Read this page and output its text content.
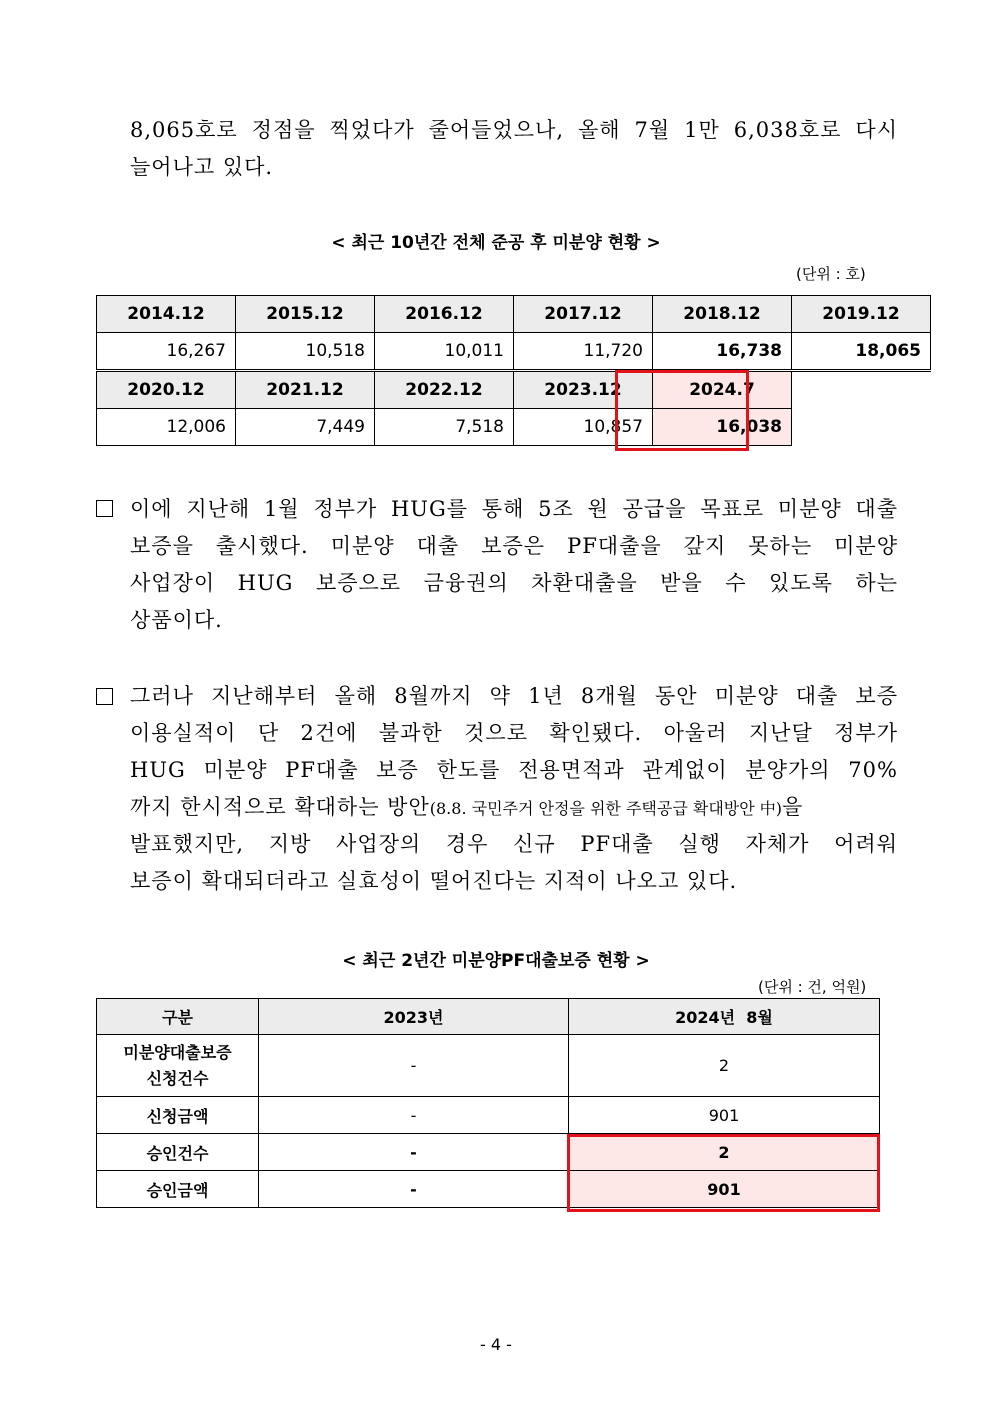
8,065호로 정점을 찍었다가 줄어들었으나, 올해 7월 1만 6,038호로 다시
늘어나고 있다.
< 최근 10년간 전체 준공 후 미분양 현황 >
(단위 : 호)
2014.12	2015.12	2016.12	2017.12	2018.12	2019.12
16,267	10,518	10,011	11,720	16,738	18,065
2020.12	2021.12	2022.12	2023.12	2024.7	
12,006	7,449	7,518	10,857	16,038	
이에 지난해 1월 정부가 HUG를 통해 5조 원 공급을 목표로 미분양 대출
보증을 출시했다. 미분양 대출 보증은 PF대출을 갚지 못하는 미분양
사업장이 HUG 보증으로 금융권의 차환대출을 받을 수 있도록 하는
상품이다.
그러나 지난해부터 올해 8월까지 약 1년 8개월 동안 미분양 대출 보증
이용실적이 단 2건에 불과한 것으로 확인됐다. 아울러 지난달 정부가
HUG 미분양 PF대출 보증 한도를 전용면적과 관계없이 분양가의 70%
까지 한시적으로 확대하는 방안(8.8. 국민주거 안정을 위한 주택공급 확대방안 中)을
발표했지만, 지방 사업장의 경우 신규 PF대출 실행 자체가 어려워
보증이 확대되더라고 실효성이 떨어진다는 지적이 나오고 있다.
< 최근 2년간 미분양PF대출보증 현황 >
(단위 : 건, 억원)
구분	2023년	2024년  8월
미분양대출보증
신청건수	-	2
신청금액	-	901
승인건수	-	2
승인금액	-	901
- 4 -
